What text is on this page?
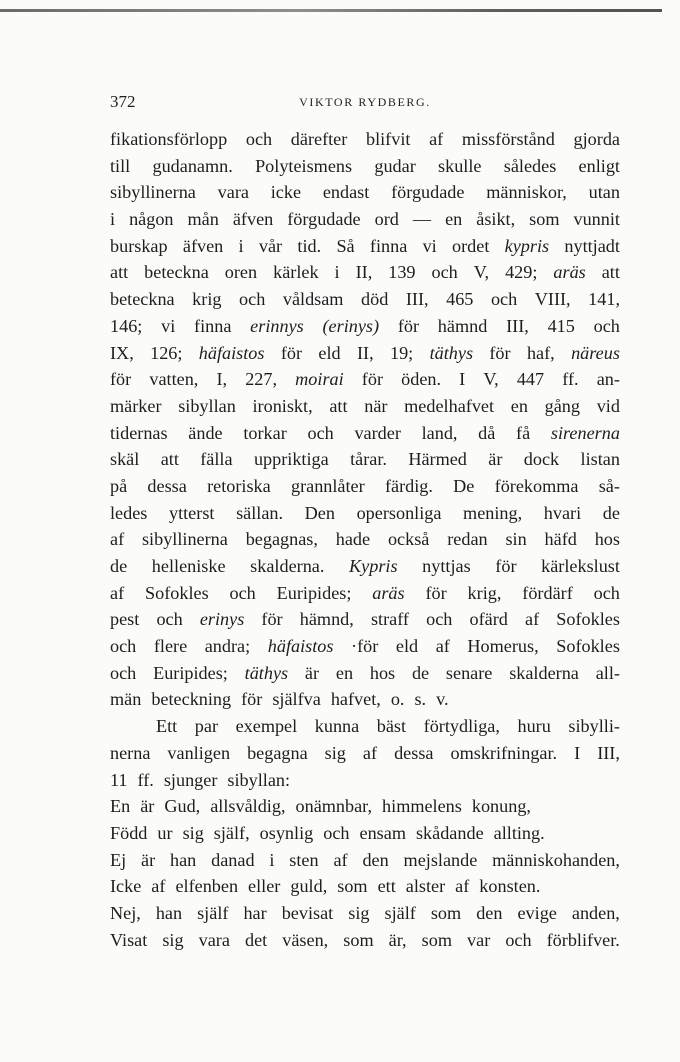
372	VIKTOR RYDBERG.
fikationsförlopp och därefter blifvit af missförstånd gjorda
till gudanamn. Polyteismens gudar skulle således enligt
sibyllinerna vara icke endast förgudade människor, utan
i någon mån äfven förgudade ord — en åsikt, som vunnit
burskap äfven i vår tid. Så finna vi ordet kypris nyttjadt
att beteckna oren kärlek i II, 139 och V, 429; aräs att
beteckna krig och våldsam död III, 465 och VIII, 141,
146; vi finna erinnys (erinys) för hämnd III, 415 och
IX, 126; häfaistos för eld II, 19; täthys för haf, näreus
för vatten, I, 227, moirai för öden. I V, 447 ff. an-
märker sibyllan ironiskt, att när medelhafvet en gång vid
tidernas ände torkar och varder land, då få sirenerna
skäl att fälla uppriktiga tårar. Härmed är dock listan
på dessa retoriska grannlåter färdig. De förekomma så-
ledes ytterst sällan. Den opersonliga mening, hvari de
af sibyllinerna begagnas, hade också redan sin häfd hos
de helleniske skalderna. Kypris nyttjas för kärlekslust
af Sofokles och Euripides; aräs för krig, fördärf och
pest och erinys för hämnd, straff och ofärd af Sofokles
och flere andra; häfaistos ·för eld af Homerus, Sofokles
och Euripides; täthys är en hos de senare skalderna all-
män beteckning för själfva hafvet, o. s. v.
Ett par exempel kunna bäst förtydliga, huru sibylli-
nerna vanligen begagna sig af dessa omskrifningar. I III,
11 ff. sjunger sibyllan:
En är Gud, allsvåldig, onämnbar, himmelens konung,
Född ur sig själf, osynlig och ensam skådande allting.
Ej är han danad i sten af den mejslande människohanden,
Icke af elfenben eller guld, som ett alster af konsten.
Nej, han själf har bevisat sig själf som den evige anden,
Visat sig vara det väsen, som är, som var och förblifver.
